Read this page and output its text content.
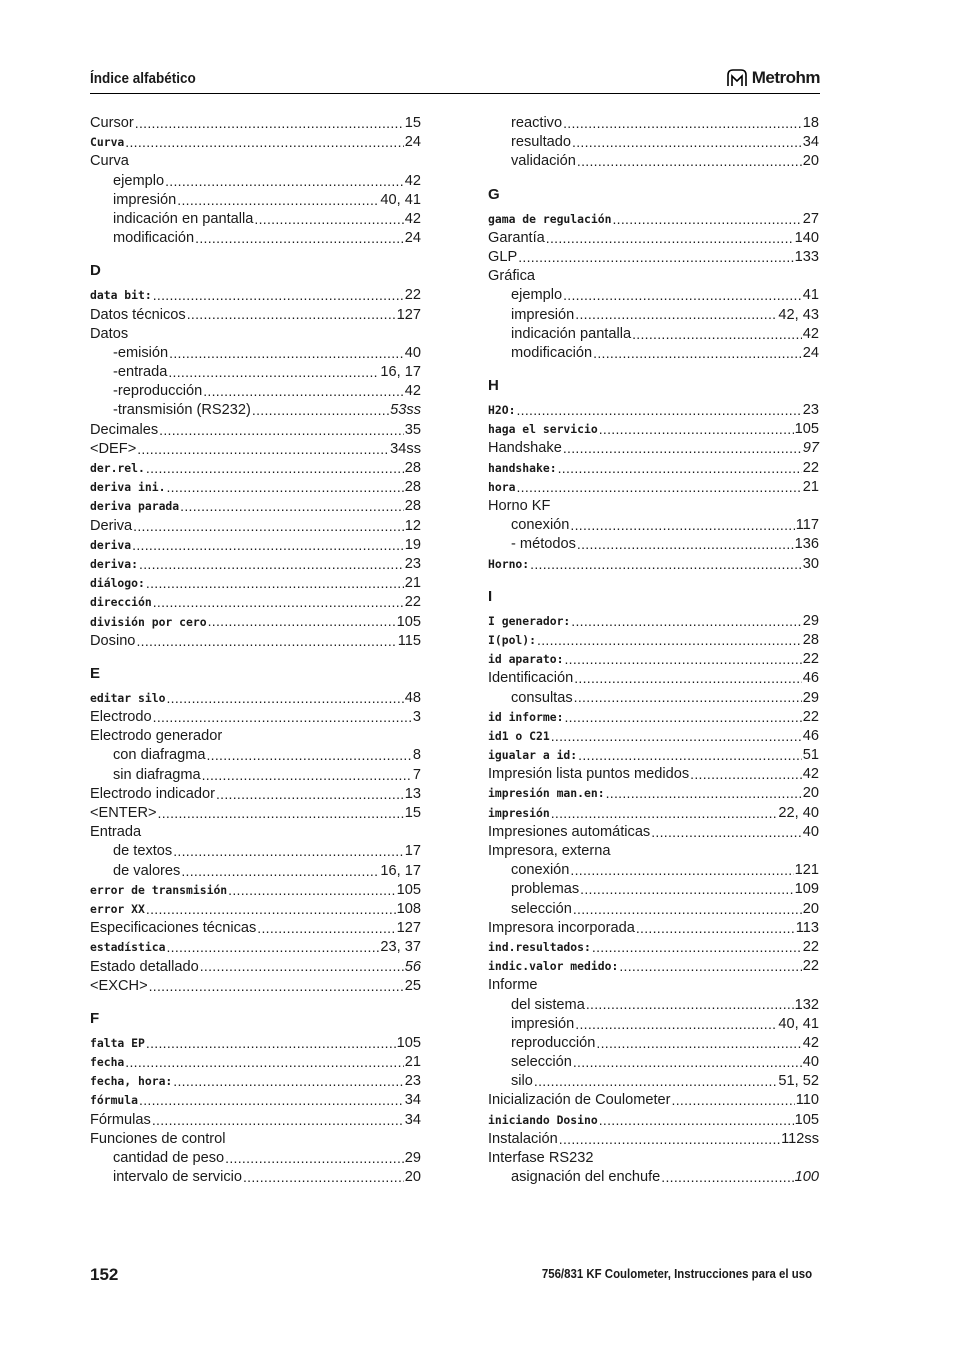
Índice alfabético	Metrohm
Cursor .....	15
Curva .....	24
Curva
ejemplo .....	42
impresión .....	40, 41
indicación en pantalla .....	42
modificación .....	24
D
data bit: .....	22
Datos técnicos .....	127
Datos
-emisión .....	40
-entrada .....	16, 17
-reproducción .....	42
-transmisión (RS232) .....	53ss
Decimales .....	35
<DEF> .....	34ss
der.rel. .....	28
deriva ini. .....	28
deriva parada .....	28
Deriva .....	12
deriva .....	19
deriva: .....	23
diálogo: .....	21
dirección .....	22
división por cero .....	105
Dosino .....	115
E
editar silo .....	48
Electrodo .....	3
Electrodo generador
con diafragma .....	8
sin diafragma .....	7
Electrodo indicador .....	13
<ENTER> .....	15
Entrada
de textos .....	17
de valores .....	16, 17
error de transmisión .....	105
error XX .....	108
Especificaciones técnicas .....	127
estadística .....	23, 37
Estado detallado .....	56
<EXCH> .....	25
F
falta EP .....	105
fecha .....	21
fecha, hora: .....	23
fórmula .....	34
Fórmulas .....	34
Funciones de control
cantidad de peso .....	29
intervalo de servicio .....	20
reactivo .....	18
resultado .....	34
validación .....	20
G
gama de regulación .....	27
Garantía .....	140
GLP .....	133
Gráfica
ejemplo .....	41
impresión .....	42, 43
indicación pantalla .....	42
modificación .....	24
H
H2O: .....	23
haga el servicio .....	105
Handshake .....	97
handshake: .....	22
hora .....	21
Horno KF
conexión .....	117
- métodos .....	136
Horno: .....	30
I
I generador: .....	29
I(pol): .....	28
id aparato: .....	22
Identificación .....	46
consultas .....	29
id informe: .....	22
id1 o C21 .....	46
igualar a id: .....	51
Impresión lista puntos medidos .....	42
impresión man.en: .....	20
impresión .....	22, 40
Impresiones automáticas .....	40
Impresora, externa
conexión .....	121
problemas .....	109
selección .....	20
Impresora incorporada .....	113
ind.resultados: .....	22
indic.valor medido: .....	22
Informe
del sistema .....	132
impresión .....	40, 41
reproducción .....	42
selección .....	40
silo .....	51, 52
Inicialización de Coulometer .....	110
iniciando Dosino .....	105
Instalación .....	112ss
Interfase RS232
asignación del enchufe .....	100
152	756/831 KF Coulometer, Instrucciones para el uso
